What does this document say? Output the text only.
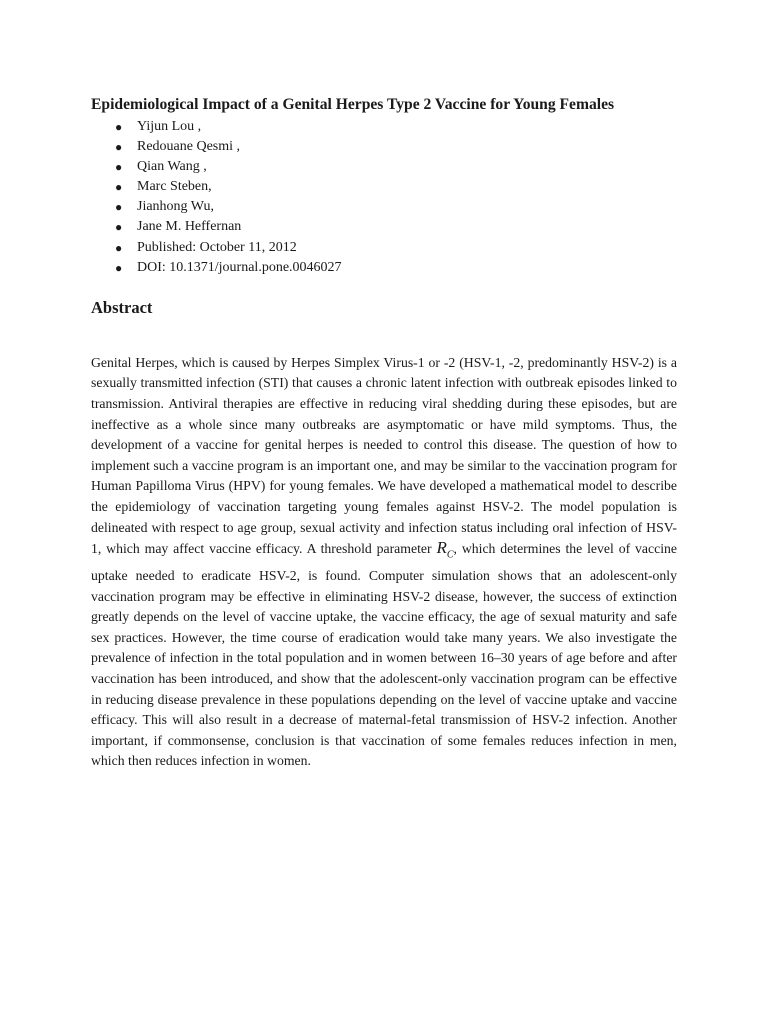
Epidemiological Impact of a Genital Herpes Type 2 Vaccine for Young Females
● Yijun Lou ,
● Redouane Qesmi ,
● Qian Wang ,
● Marc Steben,
● Jianhong Wu,
● Jane M. Heffernan
● Published: October 11, 2012
● DOI: 10.1371/journal.pone.0046027
Abstract

Genital Herpes, which is caused by Herpes Simplex Virus-1 or -2 (HSV-1, -2, predominantly HSV-2) is a sexually transmitted infection (STI) that causes a chronic latent infection with outbreak episodes linked to transmission. Antiviral therapies are effective in reducing viral shedding during these episodes, but are ineffective as a whole since many outbreaks are asymptomatic or have mild symptoms. Thus, the development of a vaccine for genital herpes is needed to control this disease. The question of how to implement such a vaccine program is an important one, and may be similar to the vaccination program for Human Papilloma Virus (HPV) for young females. We have developed a mathematical model to describe the epidemiology of vaccination targeting young females against HSV-2. The model population is delineated with respect to age group, sexual activity and infection status including oral infection of HSV-1, which may affect vaccine efficacy. A threshold parameter $R_C$, which determines the level of vaccine uptake needed to eradicate HSV-2, is found. Computer simulation shows that an adolescent-only vaccination program may be effective in eliminating HSV-2 disease, however, the success of extinction greatly depends on the level of vaccine uptake, the vaccine efficacy, the age of sexual maturity and safe sex practices. However, the time course of eradication would take many years. We also investigate the prevalence of infection in the total population and in women between 16–30 years of age before and after vaccination has been introduced, and show that the adolescent-only vaccination program can be effective in reducing disease prevalence in these populations depending on the level of vaccine uptake and vaccine efficacy. This will also result in a decrease of maternal-fetal transmission of HSV-2 infection. Another important, if commonsense, conclusion is that vaccination of some females reduces infection in men, which then reduces infection in women.
